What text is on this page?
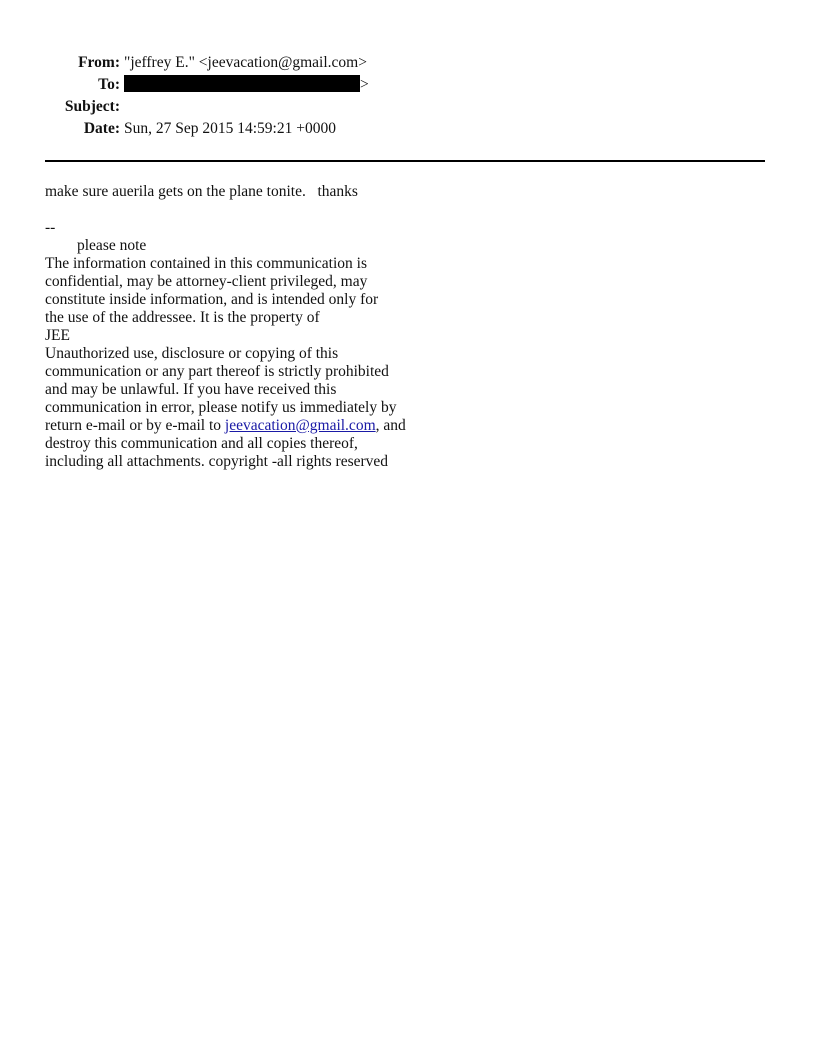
From:	"jeffrey E." <jeevacation@gmail.com>
To:	>
Subject:	
Date:	Sun, 27 Sep 2015 14:59:21 +0000

make sure auerila gets on the plane tonite.   thanks

--

please note

The information contained in this communication is

confidential, may be attorney-client privileged, may

constitute inside information, and is intended only for

the use of the addressee. It is the property of

JEE

Unauthorized use, disclosure or copying of this

communication or any part thereof is strictly prohibited

and may be unlawful. If you have received this

communication in error, please notify us immediately by

return e-mail or by e-mail to jeevacation@gmail.com, and

destroy this communication and all copies thereof,

including all attachments. copyright -all rights reserved
